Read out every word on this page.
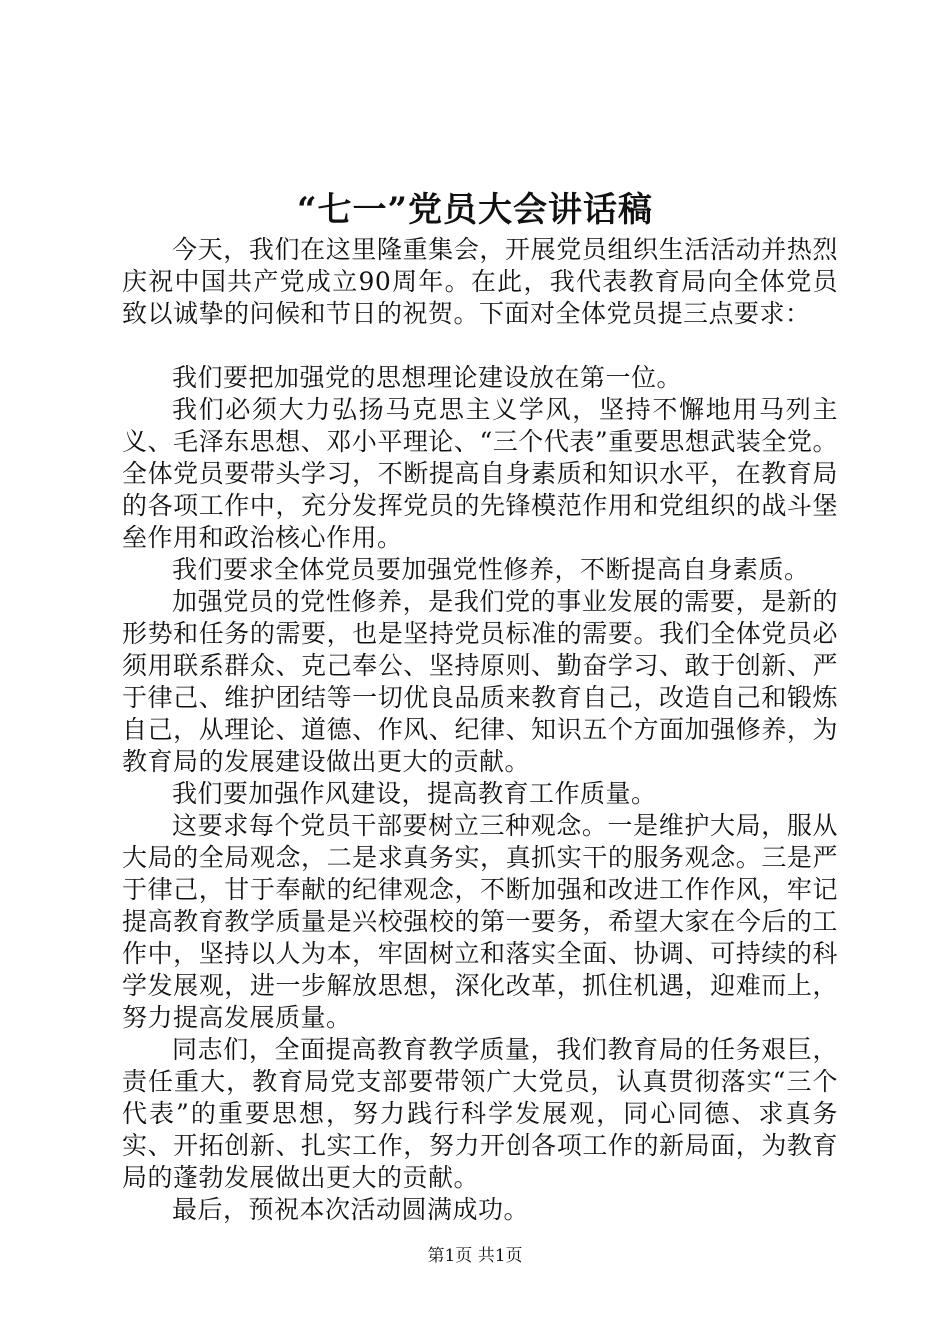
“七一”党员大会讲话稿

今天，我们在这里隆重集会，开展党员组织生活活动并热烈庆祝中国共产党成立90周年。在此，我代表教育局向全体党员致以诚挚的问候和节日的祝贺。下面对全体党员提三点要求：

我们要把加强党的思想理论建设放在第一位。

我们必须大力弘扬马克思主义学风，坚持不懈地用马列主义、毛泽东思想、邓小平理论、“三个代表”重要思想武装全党。全体党员要带头学习，不断提高自身素质和知识水平，在教育局的各项工作中，充分发挥党员的先锋模范作用和党组织的战斗堡垒作用和政治核心作用。

我们要求全体党员要加强党性修养，不断提高自身素质。

加强党员的党性修养，是我们党的事业发展的需要，是新的形势和任务的需要，也是坚持党员标准的需要。我们全体党员必须用联系群众、克己奉公、坚持原则、勤奋学习、敢于创新、严于律己、维护团结等一切优良品质来教育自己，改造自己和锻炼自己，从理论、道德、作风、纪律、知识五个方面加强修养，为教育局的发展建设做出更大的贡献。

我们要加强作风建设，提高教育工作质量。

这要求每个党员干部要树立三种观念。一是维护大局，服从大局的全局观念，二是求真务实，真抓实干的服务观念。三是严于律己，甘于奉献的纪律观念，不断加强和改进工作作风，牢记提高教育教学质量是兴校强校的第一要务，希望大家在今后的工作中，坚持以人为本，牢固树立和落实全面、协调、可持续的科学发展观，进一步解放思想，深化改革，抓住机遇，迎难而上，努力提高发展质量。

同志们，全面提高教育教学质量，我们教育局的任务艰巨，责任重大，教育局党支部要带领广大党员，认真贯彻落实“三个代表”的重要思想，努力践行科学发展观，同心同德、求真务实、开拓创新、扎实工作，努力开创各项工作的新局面，为教育局的蓬勃发展做出更大的贡献。

最后，预祝本次活动圆满成功。

第1页 共1页
